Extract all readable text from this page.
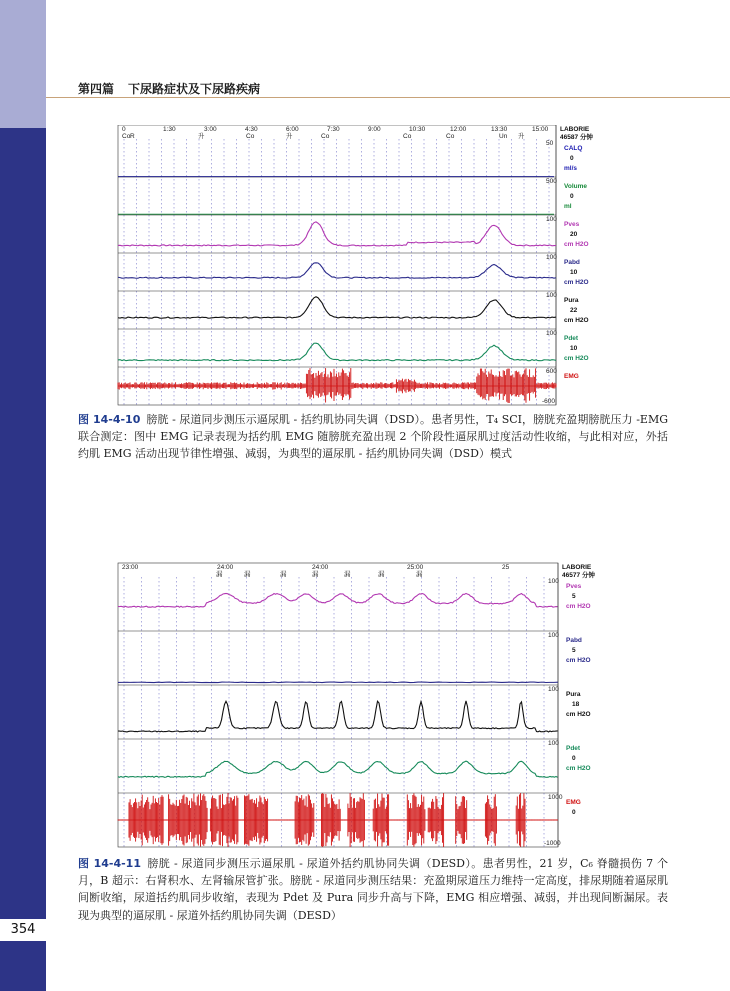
354
第四篇 下尿路症状及下尿路疾病
0	1:30	3:00	4:30	6:00	7:30	9:00	10:30	12:00	13:30	15:00
Co R	升	Co	升	Co	Co	Co	Un 升
LABORIE
46587 分钟
CALQ
0
ml/s
50
Volume
0
ml
500
Pves
20
cm H2O
100
Pabd
10
cm H2O
100
Pura
22
cm H2O
100
Pdet
10
cm H2O
100
EMG
600
-600
图 14-4-10 膀胱 - 尿道同步测压示逼尿肌 - 括约肌协同失调（DSD）。患者男性，T₄ SCI，膀胱充盈期膀胱压力 -EMG 联合测定：图中 EMG 记录表现为括约肌 EMG 随膀胱充盈出现 2 个阶段性逼尿肌过度活动性收缩，与此相对应，外括约肌 EMG 活动出现节律性增强、减弱，为典型的逼尿肌 - 括约肌协同失调（DSD）模式
23:00	24:00	24:00	25:00	25
漏	漏	漏	漏	漏	漏	漏
LABORIE
46577 分钟
Pves
5
cm H2O
100
Pabd
5
cm H2O
100
Pura
18
cm H2O
100
Pdet
0
cm H2O
100
EMG
0
1000
-1000
图 14-4-11 膀胱 - 尿道同步测压示逼尿肌 - 尿道外括约肌协同失调（DESD）。患者男性，21 岁，C₆ 脊髓损伤 7 个月，B 超示：右肾积水、左肾输尿管扩张。膀胱 - 尿道同步测压结果：充盈期尿道压力维持一定高度，排尿期随着逼尿肌间断收缩，尿道括约肌同步收缩，表现为 Pdet 及 Pura 同步升高与下降，EMG 相应增强、减弱，并出现间断漏尿。表现为典型的逼尿肌 - 尿道外括约肌协同失调（DESD）
